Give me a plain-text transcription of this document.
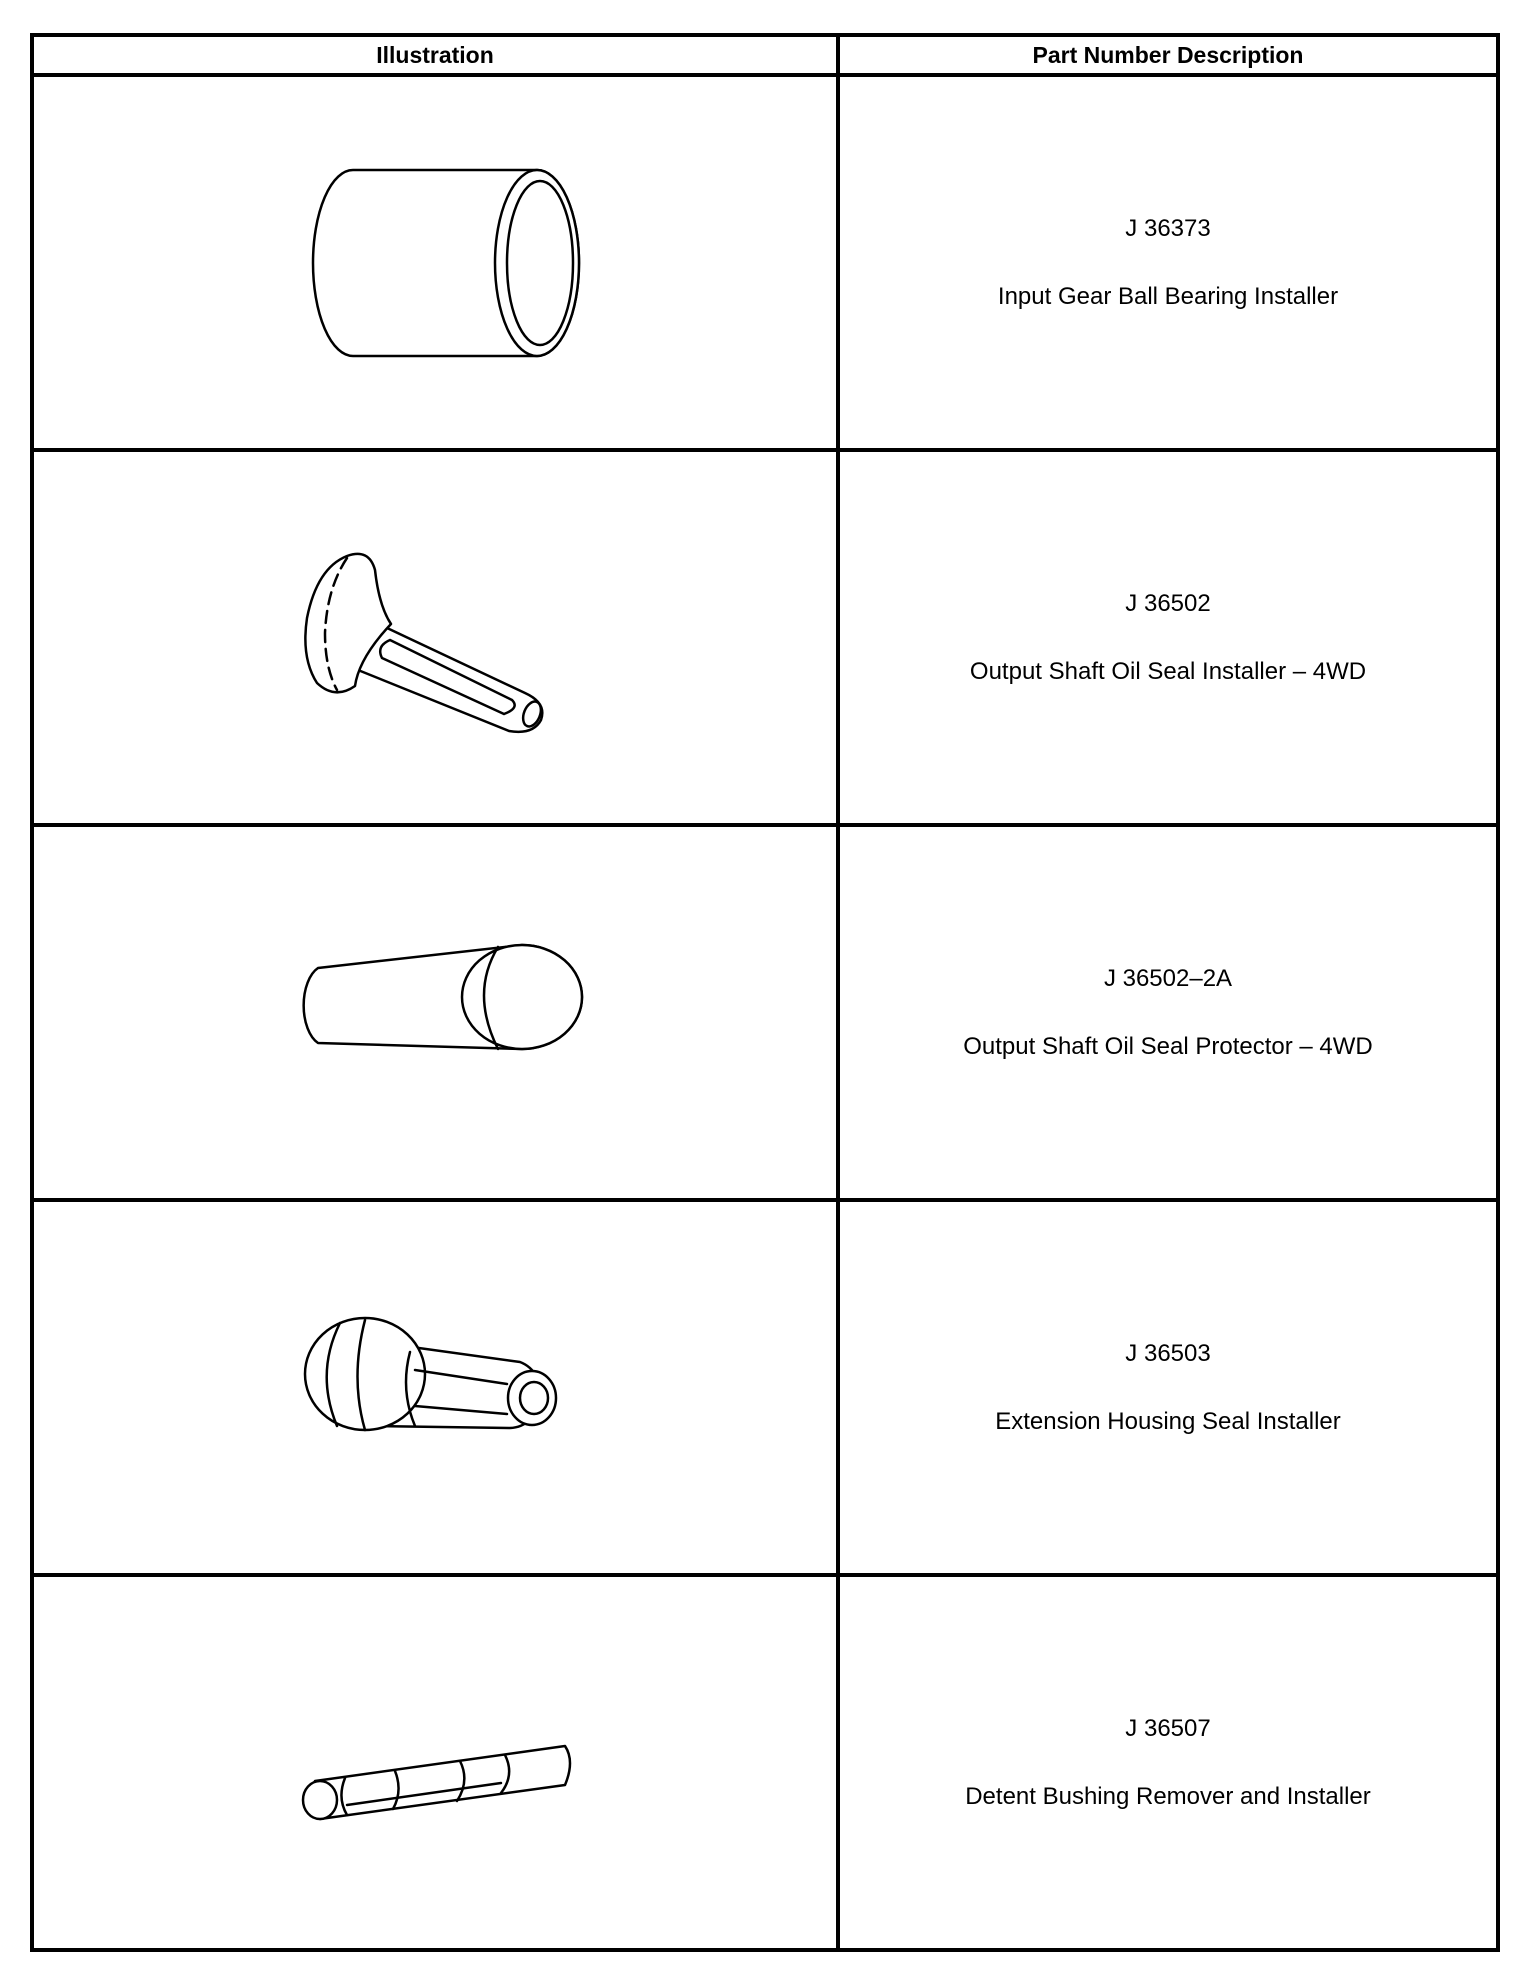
Illustration	Part Number Description

J 36373
Input Gear Ball Bearing Installer

J 36502
Output Shaft Oil Seal Installer – 4WD

J 36502–2A
Output Shaft Oil Seal Protector – 4WD

J 36503
Extension Housing Seal Installer

J 36507
Detent Bushing Remover and Installer
